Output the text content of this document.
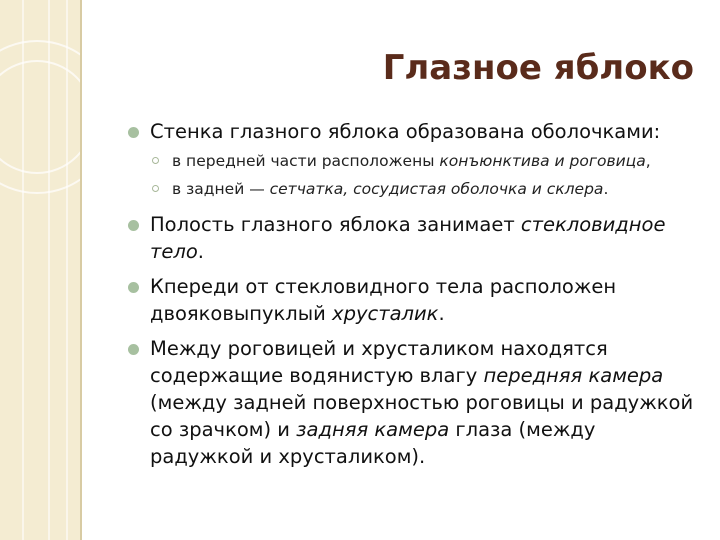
Глазное яблоко
Стенка глазного яблока образована оболочками:
в передней части расположены конъюнктива и роговица,
в задней — сетчатка, сосудистая оболочка и склера.
Полость глазного яблока занимает стекловидное тело.
Кпереди от стекловидного тела расположен двояковыпуклый хрусталик.
Между роговицей и хрусталиком находятся содержащие водянистую влагу передняя камера (между задней поверхностью роговицы и радужкой со зрачком) и задняя камера глаза (между радужкой и хрусталиком).
